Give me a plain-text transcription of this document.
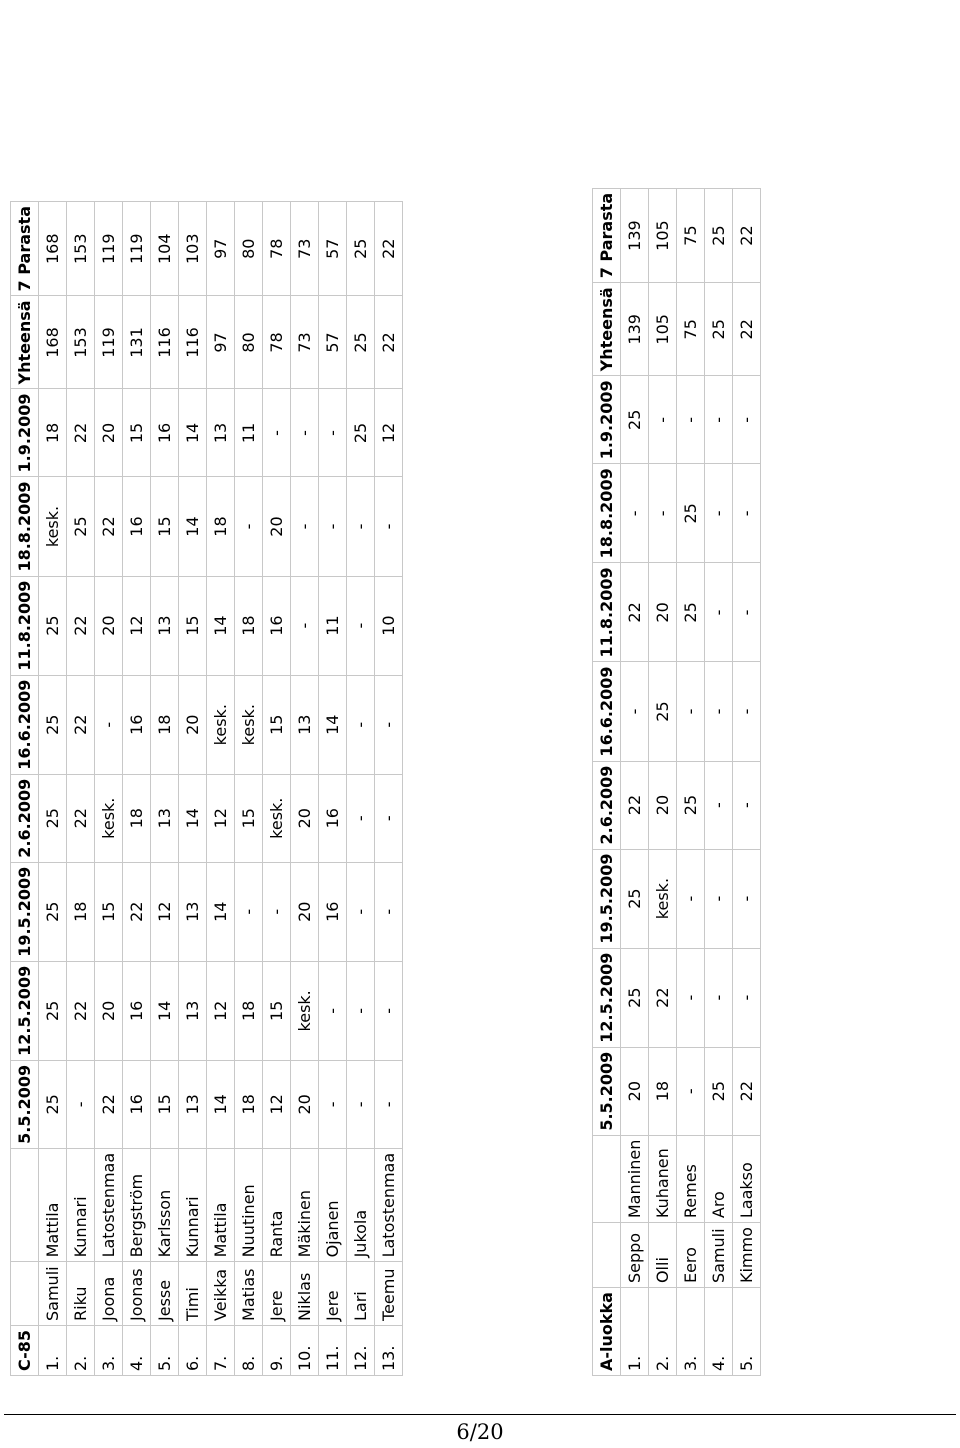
C-85			5.5.2009	12.5.2009	19.5.2009	2.6.2009	16.6.2009	11.8.2009	18.8.2009	1.9.2009	Yhteensä	7 Parasta
1.	Samuli	Mattila	25	25	25	25	25	25	kesk.	18	168	168
2.	Riku	Kunnari	-	22	18	22	22	22	25	22	153	153
3.	Joona	Latostenmaa	22	20	15	kesk.	-	20	22	20	119	119
4.	Joonas	Bergström	16	16	22	18	16	12	16	15	131	119
5.	Jesse	Karlsson	15	14	12	13	18	13	15	16	116	104
6.	Timi	Kunnari	13	13	13	14	20	15	14	14	116	103
7.	Veikka	Mattila	14	12	14	12	kesk.	14	18	13	97	97
8.	Matias	Nuutinen	18	18	-	15	kesk.	18	-	11	80	80
9.	Jere	Ranta	12	15	-	kesk.	15	16	20	-	78	78
10.	Niklas	Mäkinen	20	kesk.	20	20	13	-	-	-	73	73
11.	Jere	Ojanen	-	-	16	16	14	11	-	-	57	57
12.	Lari	Jukola	-	-	-	-	-	-	-	25	25	25
13.	Teemu	Latostenmaa	-	-	-	-	-	10	-	12	22	22
A-luokka			5.5.2009	12.5.2009	19.5.2009	2.6.2009	16.6.2009	11.8.2009	18.8.2009	1.9.2009	Yhteensä	7 Parasta
1.	Seppo	Manninen	20	25	25	22	-	22	-	25	139	139
2.	Olli	Kuhanen	18	22	kesk.	20	25	20	-	-	105	105
3.	Eero	Remes	-	-	-	25	-	25	25	-	75	75
4.	Samuli	Aro	25	-	-	-	-	-	-	-	25	25
5.	Kimmo	Laakso	22	-	-	-	-	-	-	-	22	22
6/20
